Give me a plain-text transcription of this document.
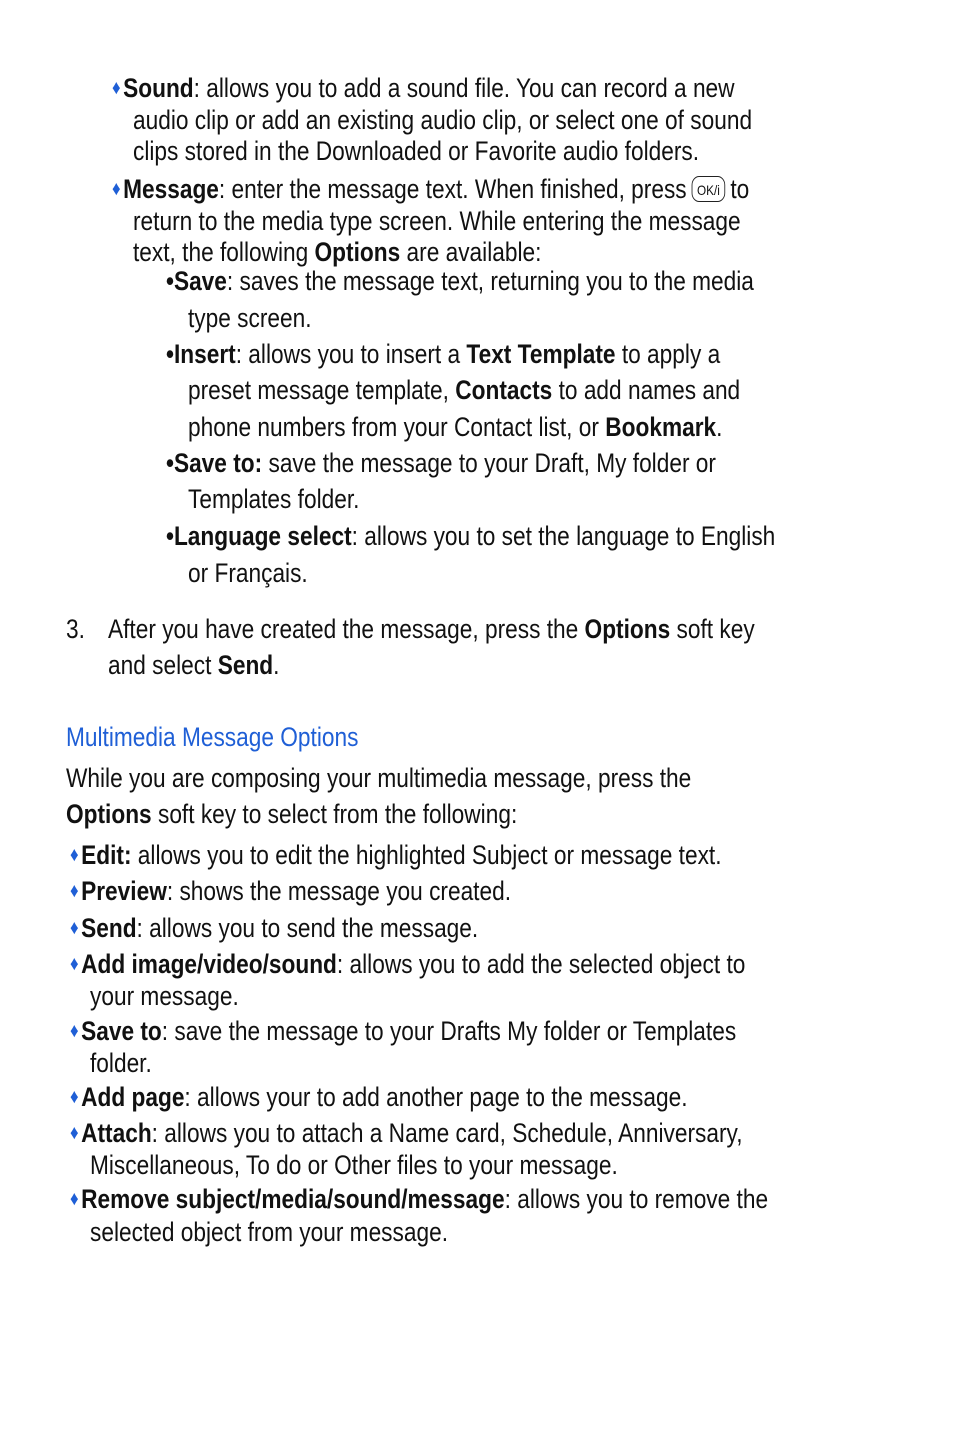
♦Sound: allows you to add a sound file. You can record a new
audio clip or add an existing audio clip, or select one of sound
clips stored in the Downloaded or Favorite audio folders.
♦Message: enter the message text. When finished, press OK/i to
return to the media type screen. While entering the message
text, the following Options are available:
•Save: saves the message text, returning you to the media
type screen.
•Insert: allows you to insert a Text Template to apply a
preset message template, Contacts to add names and
phone numbers from your Contact list, or Bookmark.
•Save to: save the message to your Draft, My folder or
Templates folder.
•Language select: allows you to set the language to English
or Français.
3. After you have created the message, press the Options soft key
and select Send.
Multimedia Message Options
While you are composing your multimedia message, press the
Options soft key to select from the following:
♦Edit: allows you to edit the highlighted Subject or message text.
♦Preview: shows the message you created.
♦Send: allows you to send the message.
♦Add image/video/sound: allows you to add the selected object to
your message.
♦Save to: save the message to your Drafts My folder or Templates
folder.
♦Add page: allows your to add another page to the message.
♦Attach: allows you to attach a Name card, Schedule, Anniversary,
Miscellaneous, To do or Other files to your message.
♦Remove subject/media/sound/message: allows you to remove the
selected object from your message.
